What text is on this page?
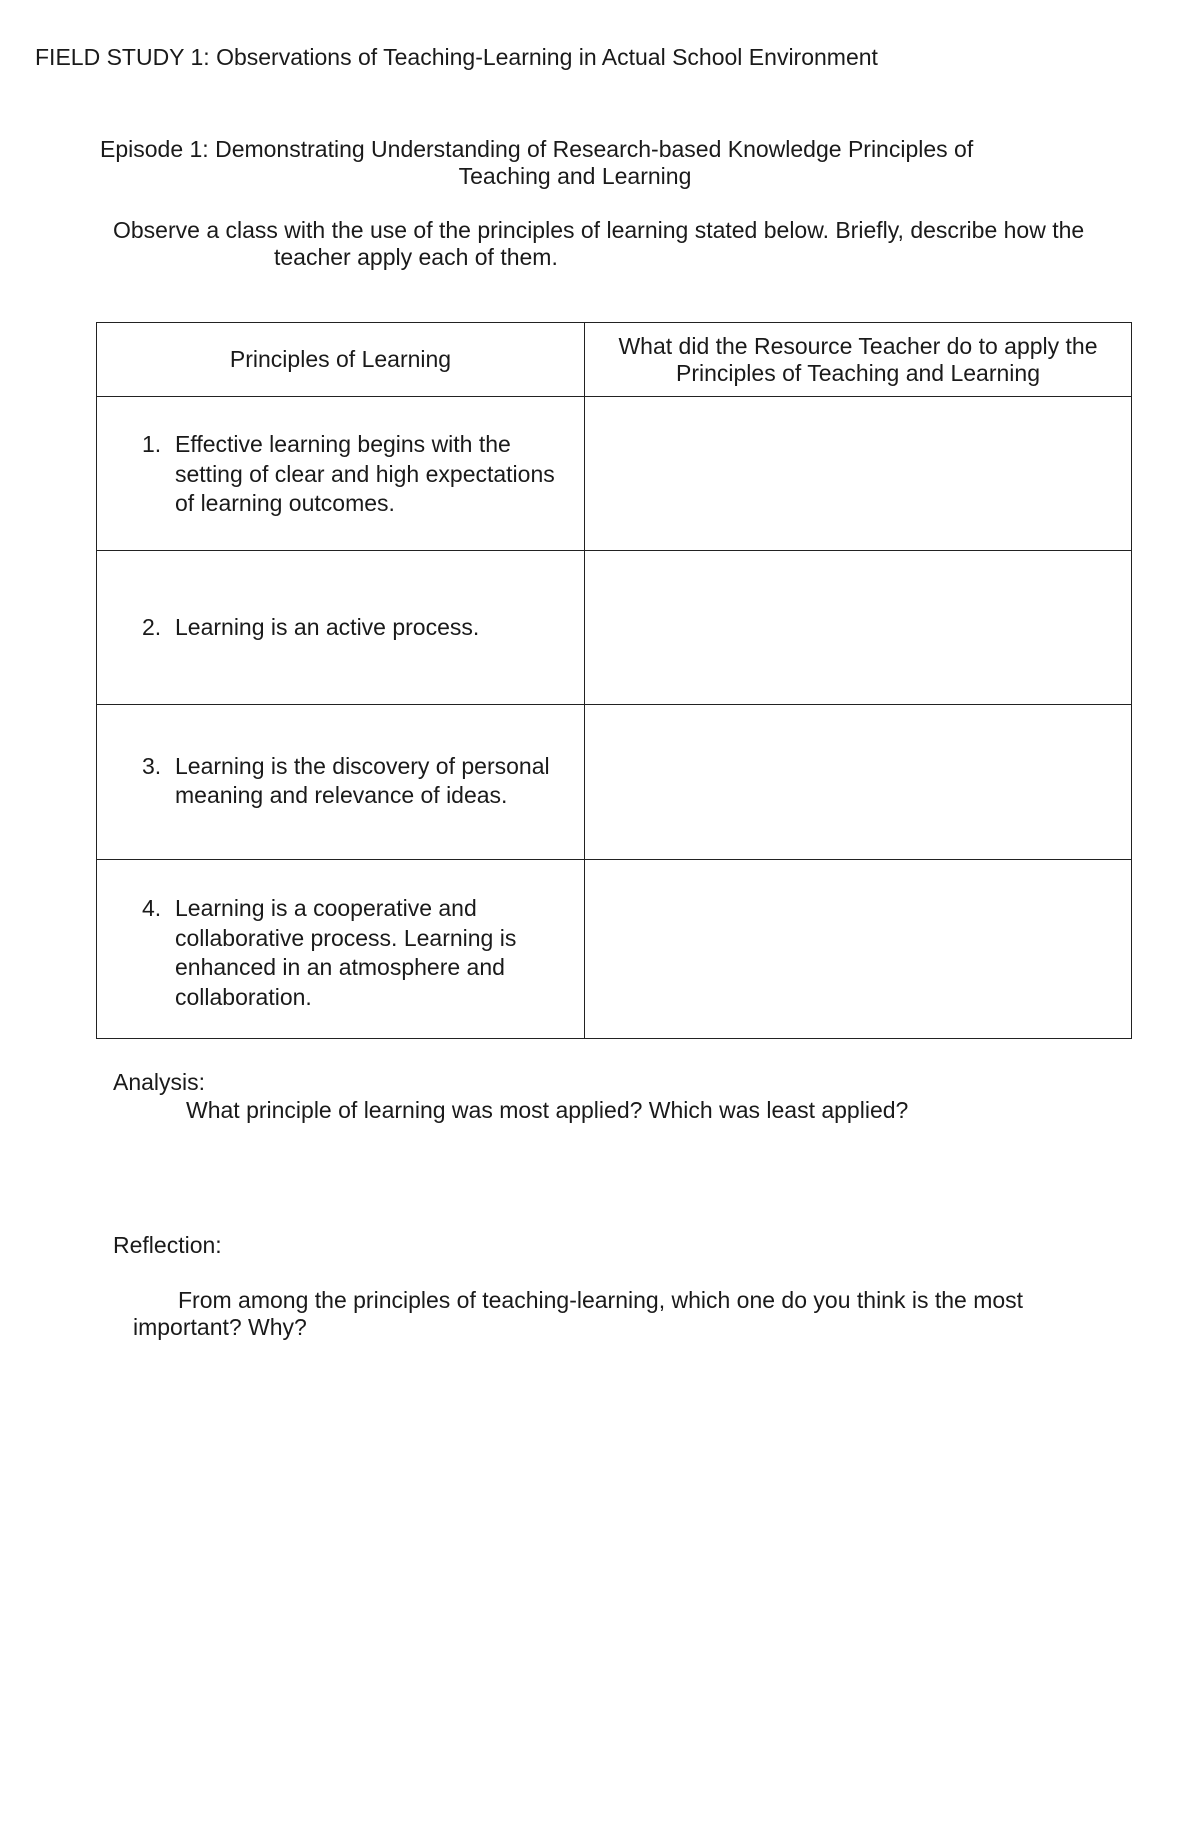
FIELD STUDY 1: Observations of Teaching-Learning in Actual School Environment
Episode 1: Demonstrating Understanding of Research-based Knowledge Principles of
Teaching and Learning
Observe a class with the use of the principles of learning stated below. Briefly, describe how the
teacher apply each of them.
Principles of Learning	What did the Resource Teacher do to apply the
Principles of Teaching and Learning

1. Effective learning begins with the setting of clear and high expectations of learning outcomes.	

2. Learning is an active process.	

3. Learning is the discovery of personal meaning and relevance of ideas.	

4. Learning is a cooperative and collaborative process. Learning is enhanced in an atmosphere and collaboration.	

Analysis:
What principle of learning was most applied? Which was least applied?
Reflection:
From among the principles of teaching-learning, which one do you think is the most
important? Why?
